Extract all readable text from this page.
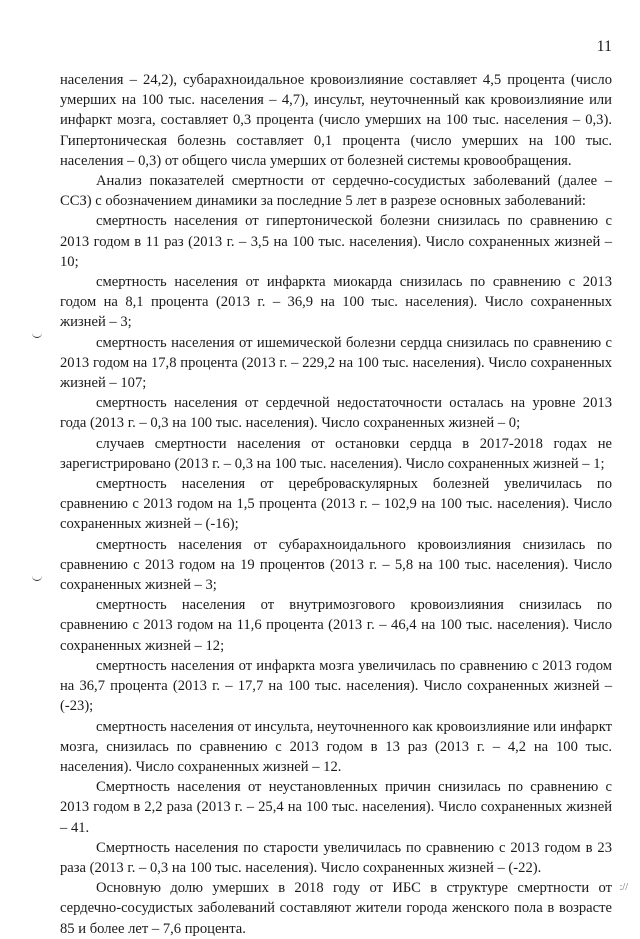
11

населения – 24,2), субарахноидальное кровоизлияние составляет 4,5 процента (число умерших на 100 тыс. населения – 4,7), инсульт, неуточненный как кровоизлияние или инфаркт мозга, составляет 0,3 процента (число умерших на 100 тыс. населения – 0,3). Гипертоническая болезнь составляет 0,1 процента (число умерших на 100 тыс. населения – 0,3) от общего числа умерших от болезней системы кровообращения.

Анализ показателей смертности от сердечно-сосудистых заболеваний (далее – ССЗ) с обозначением динамики за последние 5 лет в разрезе основных заболеваний:

смертность населения от гипертонической болезни снизилась по сравнению с 2013 годом в 11 раз (2013 г. – 3,5 на 100 тыс. населения). Число сохраненных жизней – 10;

смертность населения от инфаркта миокарда снизилась по сравнению с 2013 годом на 8,1 процента (2013 г. – 36,9 на 100 тыс. населения). Число сохраненных жизней – 3;

смертность населения от ишемической болезни сердца снизилась по сравнению с 2013 годом на 17,8 процента (2013 г. – 229,2 на 100 тыс. населения). Число сохраненных жизней – 107;

смертность населения от сердечной недостаточности осталась на уровне 2013 года (2013 г. – 0,3 на 100 тыс. населения). Число сохраненных жизней – 0;

случаев смертности населения от остановки сердца в 2017-2018 годах не зарегистрировано (2013 г. – 0,3 на 100 тыс. населения). Число сохраненных жизней – 1;

смертность населения от цереброваскулярных болезней увеличилась по сравнению с 2013 годом на 1,5 процента (2013 г. – 102,9 на 100 тыс. населения). Число сохраненных жизней – (-16);

смертность населения от субарахноидального кровоизлияния снизилась по сравнению с 2013 годом на 19 процентов (2013 г. – 5,8 на 100 тыс. населения). Число сохраненных жизней – 3;

смертность населения от внутримозгового кровоизлияния снизилась по сравнению с 2013 годом на 11,6 процента (2013 г. – 46,4 на 100 тыс. населения). Число сохраненных жизней – 12;

смертность населения от инфаркта мозга увеличилась по сравнению с 2013 годом на 36,7 процента (2013 г. – 17,7 на 100 тыс. населения). Число сохраненных жизней – (-23);

смертность населения от инсульта, неуточненного как кровоизлияние или инфаркт мозга, снизилась по сравнению с 2013 годом в 13 раз (2013 г. – 4,2 на 100 тыс. населения). Число сохраненных жизней – 12.

Смертность населения от неустановленных причин снизилась по сравнению с 2013 годом в 2,2 раза (2013 г. – 25,4 на 100 тыс. населения). Число сохраненных жизней – 41.

Смертность населения по старости увеличилась по сравнению с 2013 годом в 23 раза (2013 г. – 0,3 на 100 тыс. населения). Число сохраненных жизней – (-22).

Основную долю умерших в 2018 году от ИБС в структуре смертности от сердечно-сосудистых заболеваний составляют жители города женского пола в возрасте 85 и более лет – 7,6 процента.

://
